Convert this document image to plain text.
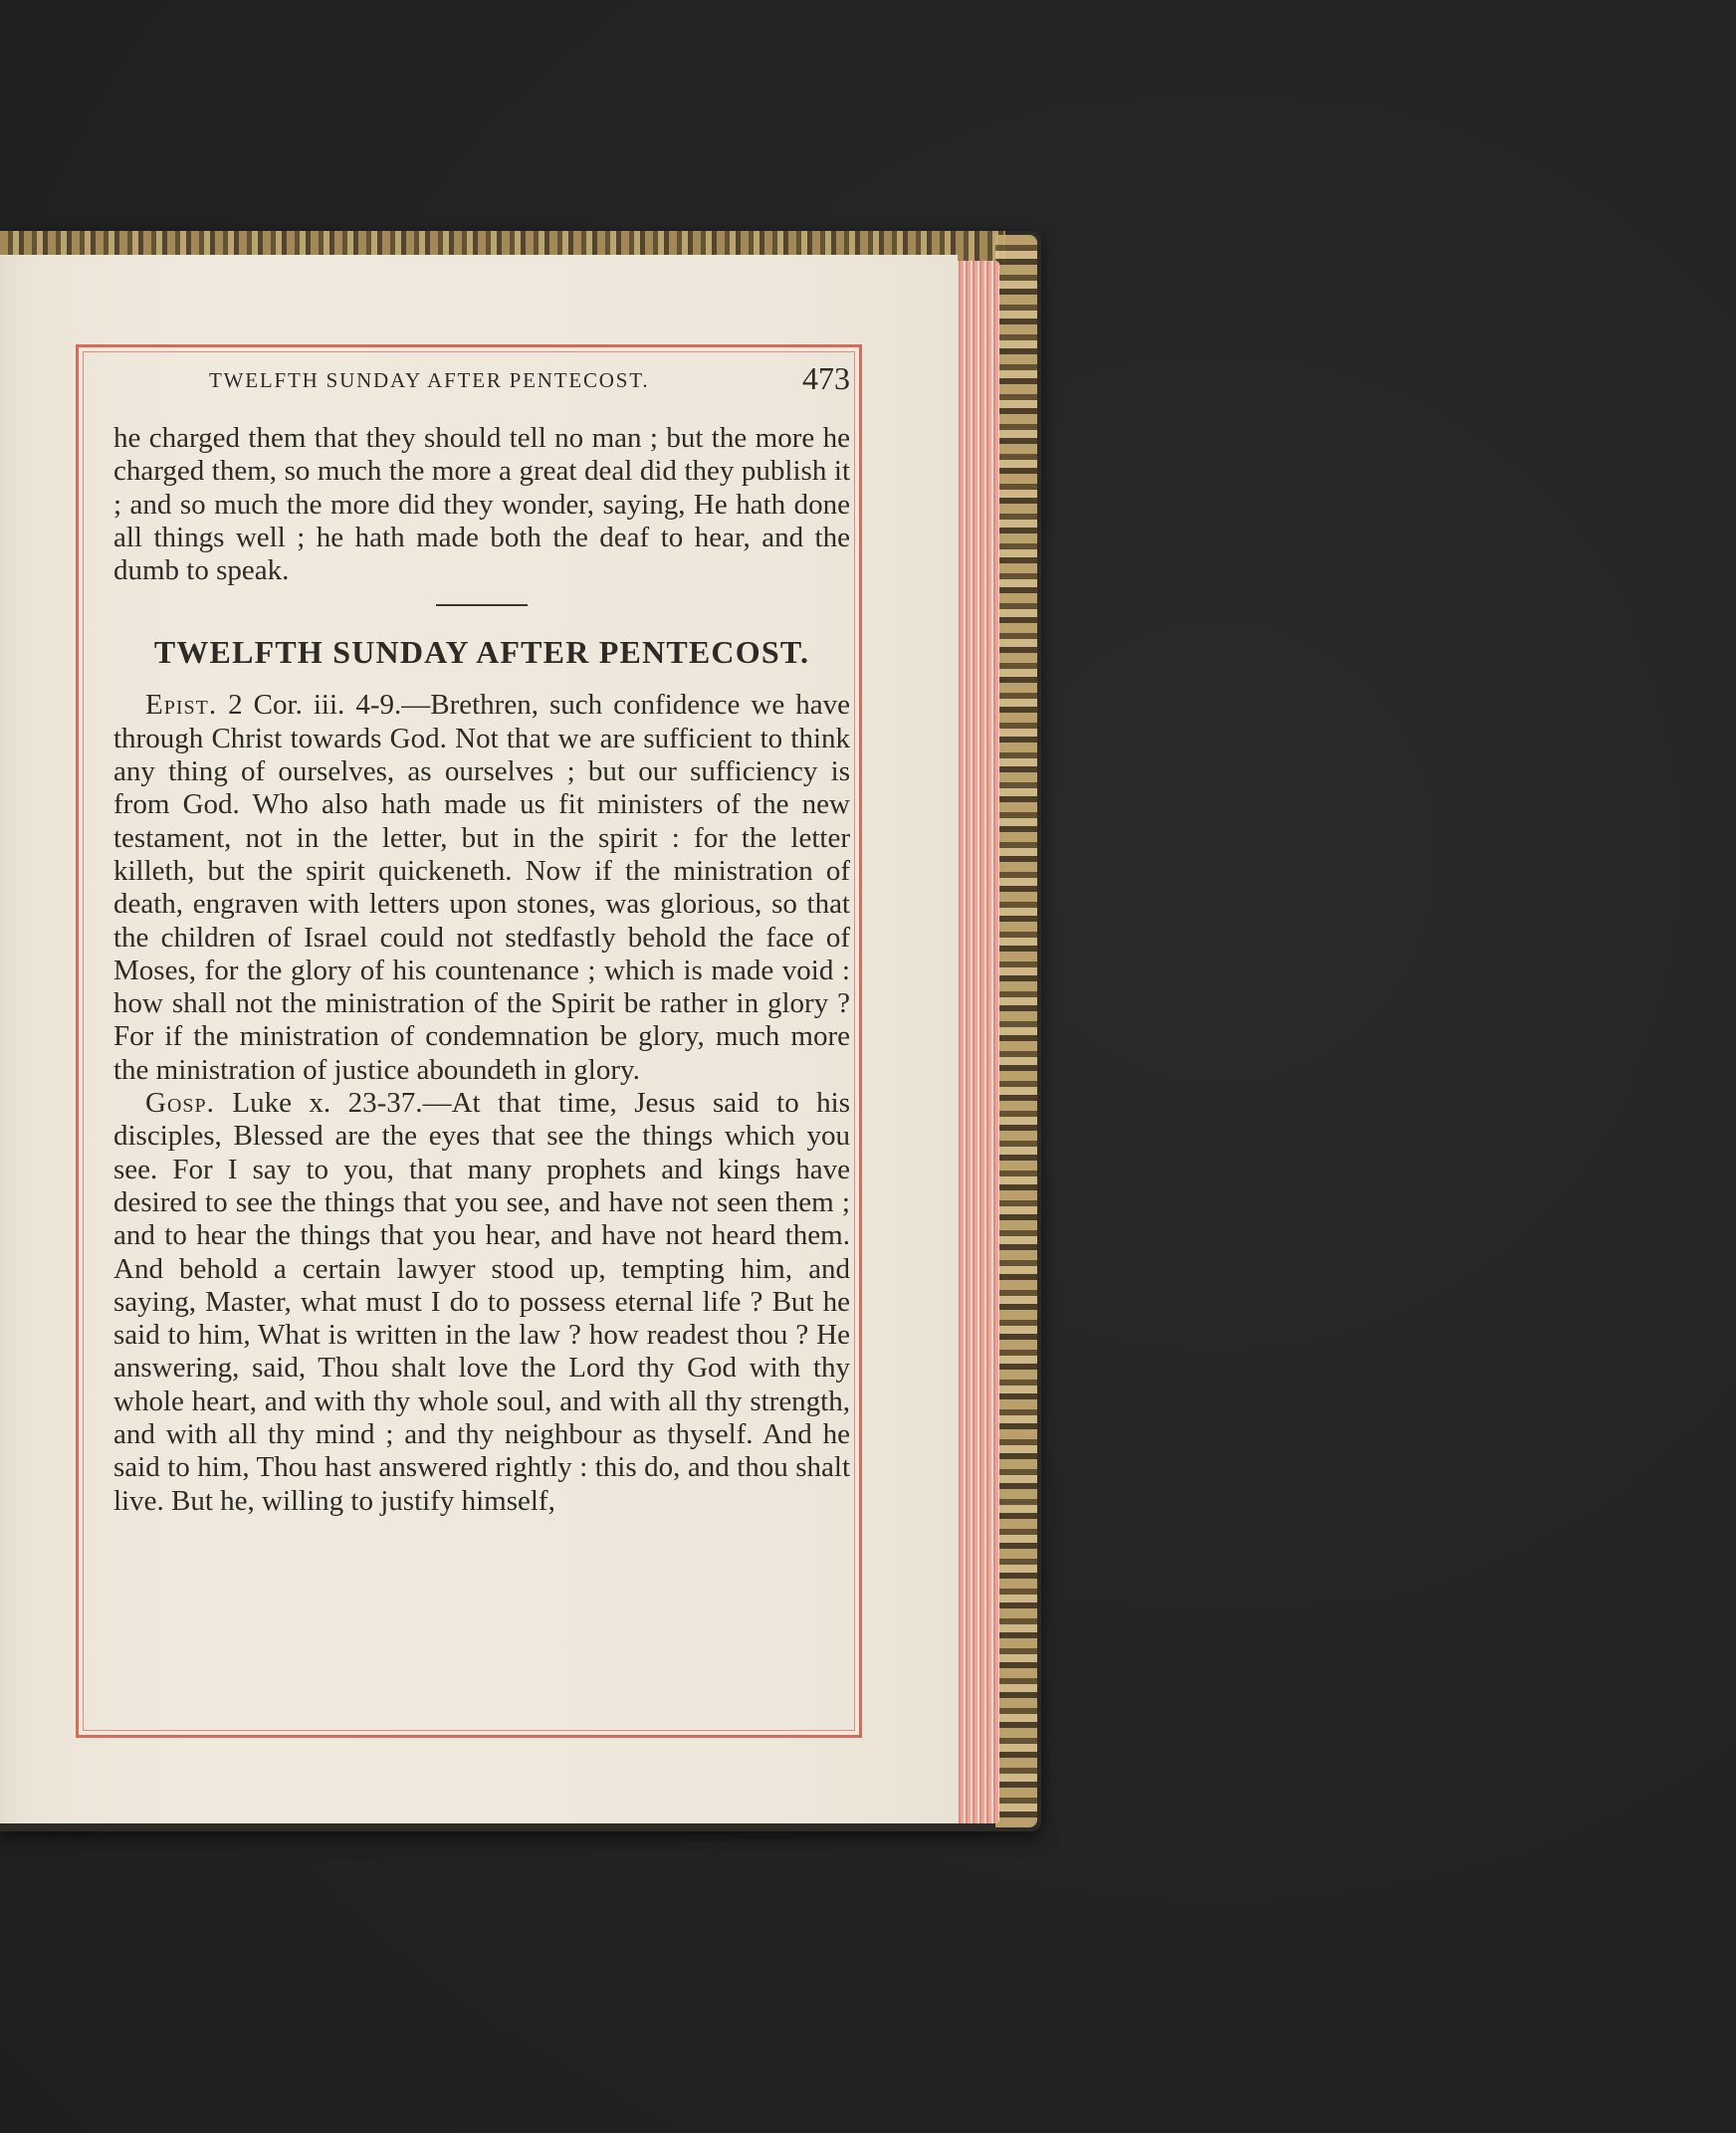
TWELFTH SUNDAY AFTER PENTECOST.	473

he charged them that they should tell no man ; but the more he charged them, so much the more a great deal did they publish it ; and so much the more did they wonder, saying, He hath done all things well ; he hath made both the deaf to hear, and the dumb to speak.

TWELFTH SUNDAY AFTER PENTECOST.

Epist. 2 Cor. iii. 4-9.—Brethren, such confidence we have through Christ towards God. Not that we are sufficient to think any thing of ourselves, as ourselves ; but our sufficiency is from God. Who also hath made us fit ministers of the new testament, not in the letter, but in the spirit : for the letter killeth, but the spirit quickeneth. Now if the ministration of death, engraven with letters upon stones, was glorious, so that the children of Israel could not stedfastly behold the face of Moses, for the glory of his countenance ; which is made void : how shall not the ministration of the Spirit be rather in glory ? For if the ministration of condemnation be glory, much more the ministration of justice aboundeth in glory.

Gosp. Luke x. 23-37.—At that time, Jesus said to his disciples, Blessed are the eyes that see the things which you see. For I say to you, that many prophets and kings have desired to see the things that you see, and have not seen them ; and to hear the things that you hear, and have not heard them. And behold a certain lawyer stood up, tempting him, and saying, Master, what must I do to possess eternal life ? But he said to him, What is written in the law ? how readest thou ? He answering, said, Thou shalt love the Lord thy God with thy whole heart, and with thy whole soul, and with all thy strength, and with all thy mind ; and thy neighbour as thyself. And he said to him, Thou hast answered rightly : this do, and thou shalt live. But he, willing to justify himself,
